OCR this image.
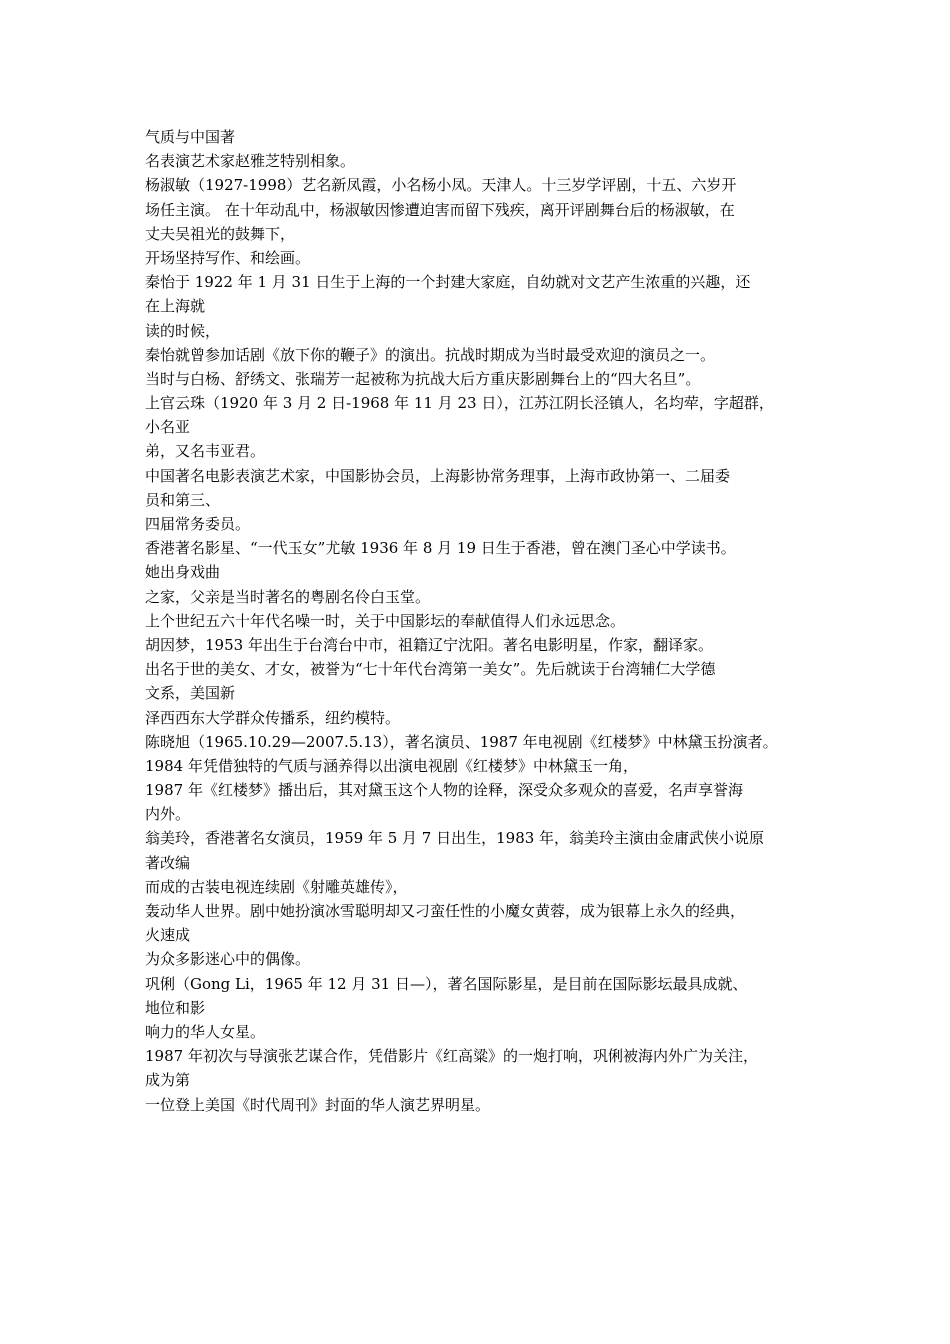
气质与中国著
名表演艺术家赵雅芝特别相象。
杨淑敏（1927-1998）艺名新凤霞，小名杨小凤。天津人。十三岁学评剧，十五、六岁开
场任主演。 在十年动乱中，杨淑敏因惨遭迫害而留下残疾，离开评剧舞台后的杨淑敏，在
丈夫吴祖光的鼓舞下，
开场坚持写作、和绘画。
秦怡于 1922 年 1 月 31 日生于上海的一个封建大家庭，自幼就对文艺产生浓重的兴趣，还
在上海就
读的时候，
秦怡就曾参加话剧《放下你的鞭子》的演出。抗战时期成为当时最受欢迎的演员之一。
当时与白杨、舒绣文、张瑞芳一起被称为抗战大后方重庆影剧舞台上的“四大名旦”。
上官云珠（1920 年 3 月 2 日-1968 年 11 月 23 日），江苏江阴长泾镇人，名均荦，字超群，
小名亚
弟，又名韦亚君。
中国著名电影表演艺术家，中国影协会员，上海影协常务理事，上海市政协第一、二届委
员和第三、
四届常务委员。
香港著名影星、“一代玉女”尤敏 1936 年 8 月 19 日生于香港，曾在澳门圣心中学读书。
她出身戏曲
之家，父亲是当时著名的粤剧名伶白玉堂。
上个世纪五六十年代名噪一时，关于中国影坛的奉献值得人们永远思念。
胡因梦，1953 年出生于台湾台中市，祖籍辽宁沈阳。著名电影明星，作家，翻译家。
出名于世的美女、才女，被誉为“七十年代台湾第一美女”。先后就读于台湾辅仁大学德
文系，美国新
泽西西东大学群众传播系，纽约模特。
陈晓旭（1965.10.29—2007.5.13），著名演员、1987 年电视剧《红楼梦》中林黛玉扮演者。
1984 年凭借独特的气质与涵养得以出演电视剧《红楼梦》中林黛玉一角，
1987 年《红楼梦》播出后，其对黛玉这个人物的诠释，深受众多观众的喜爱，名声享誉海
内外。
翁美玲，香港著名女演员，1959 年 5 月 7 日出生，1983 年，翁美玲主演由金庸武侠小说原
著改编
而成的古装电视连续剧《射雕英雄传》，
轰动华人世界。剧中她扮演冰雪聪明却又刁蛮任性的小魔女黄蓉，成为银幕上永久的经典，
火速成
为众多影迷心中的偶像。
巩俐（Gong Li，1965 年 12 月 31 日—），著名国际影星，是目前在国际影坛最具成就、
地位和影
响力的华人女星。
1987 年初次与导演张艺谋合作，凭借影片《红高粱》的一炮打响，巩俐被海内外广为关注，
成为第
一位登上美国《时代周刊》封面的华人演艺界明星。
